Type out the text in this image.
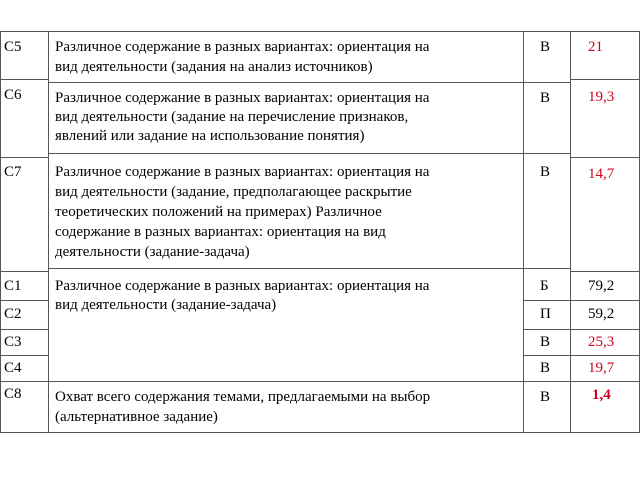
С5 Различное содержание в разных вариантах: ориентация на
вид деятельности (задания на анализ источников)
В	21
С6 Различное содержание в разных вариантах: ориентация на
вид деятельности (задание на перечисление признаков,
явлений или задание на использование понятия)
В	19,3
С7 Различное содержание в разных вариантах: ориентация на
вид деятельности (задание, предполагающее раскрытие
теоретических положений на примерах) Различное
содержание в разных вариантах: ориентация на вид
деятельности (задание-задача)
В	14,7
С1 Различное содержание в разных вариантах: ориентация на
вид деятельности (задание-задача)
Б	79,2
С2	П 59,2
С3	В	25,3
С4	В	19,7
С8 Охват всего содержания темами, предлагаемыми на выбор
(альтернативное задание)
В	1,4
